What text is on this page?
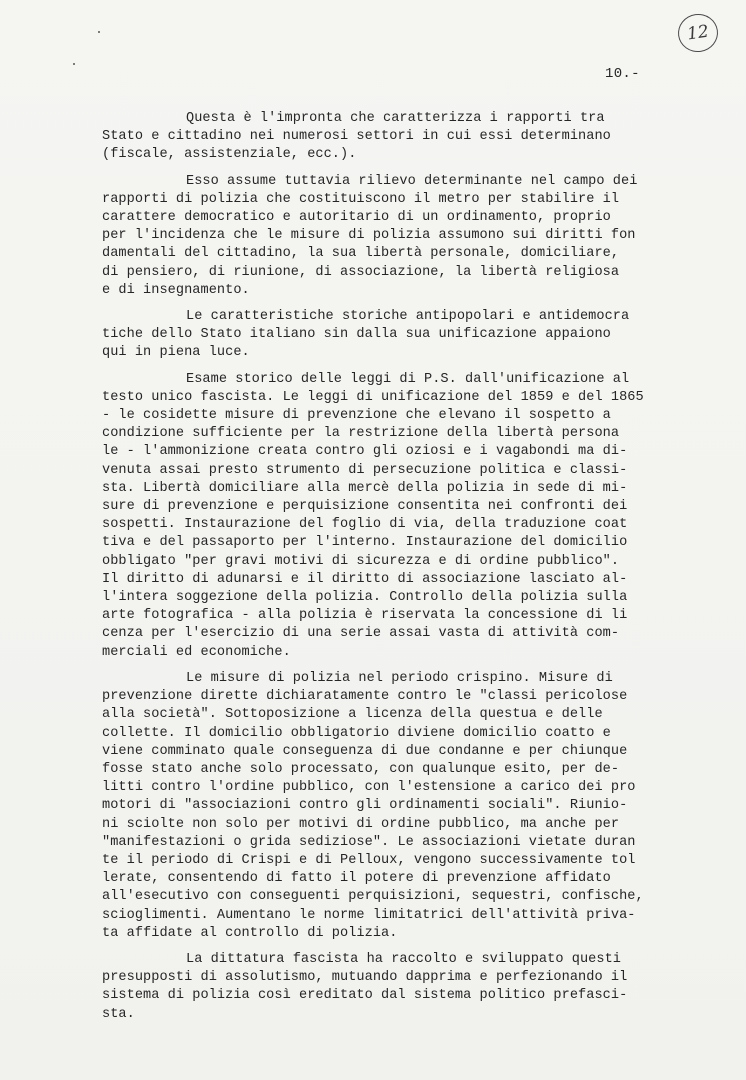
12
10.-
Questa è l'impronta che caratterizza i rapporti tra
Stato e cittadino nei numerosi settori in cui essi determinano
(fiscale, assistenziale, ecc.).
Esso assume tuttavia rilievo determinante nel campo dei
rapporti di polizia che costituiscono il metro per stabilire il
carattere democratico e autoritario di un ordinamento, proprio
per l'incidenza che le misure di polizia assumono sui diritti fon
damentali del cittadino, la sua libertà personale, domiciliare,
di pensiero, di riunione, di associazione, la libertà religiosa
e di insegnamento.
Le caratteristiche storiche antipopolari e antidemocra
tiche dello Stato italiano sin dalla sua unificazione appaiono
qui in piena luce.
Esame storico delle leggi di P.S. dall'unificazione al
testo unico fascista. Le leggi di unificazione del 1859 e del 1865
- le cosidette misure di prevenzione che elevano il sospetto a
condizione sufficiente per la restrizione della libertà persona
le - l'ammonizione creata contro gli oziosi e i vagabondi ma di-
venuta assai presto strumento di persecuzione politica e classi-
sta. Libertà domiciliare alla mercè della polizia in sede di mi-
sure di prevenzione e perquisizione consentita nei confronti dei
sospetti. Instaurazione del foglio di via, della traduzione coat
tiva e del passaporto per l'interno. Instaurazione del domicilio
obbligato "per gravi motivi di sicurezza e di ordine pubblico".
Il diritto di adunarsi e il diritto di associazione lasciato al-
l'intera soggezione della polizia. Controllo della polizia sulla
arte fotografica - alla polizia è riservata la concessione di li
cenza per l'esercizio di una serie assai vasta di attività com-
merciali ed economiche.
Le misure di polizia nel periodo crispino. Misure di
prevenzione dirette dichiaratamente contro le "classi pericolose
alla società". Sottoposizione a licenza della questua e delle
collette. Il domicilio obbligatorio diviene domicilio coatto e
viene comminato quale conseguenza di due condanne e per chiunque
fosse stato anche solo processato, con qualunque esito, per de-
litti contro l'ordine pubblico, con l'estensione a carico dei pro
motori di "associazioni contro gli ordinamenti sociali". Riunio-
ni sciolte non solo per motivi di ordine pubblico, ma anche per
"manifestazioni o grida sediziose". Le associazioni vietate duran
te il periodo di Crispi e di Pelloux, vengono successivamente tol
lerate, consentendo di fatto il potere di prevenzione affidato
all'esecutivo con conseguenti perquisizioni, sequestri, confische,
scioglimenti. Aumentano le norme limitatrici dell'attività priva-
ta affidate al controllo di polizia.
La dittatura fascista ha raccolto e sviluppato questi
presupposti di assolutismo, mutuando dapprima e perfezionando il
sistema di polizia così ereditato dal sistema politico prefasci-
sta.
